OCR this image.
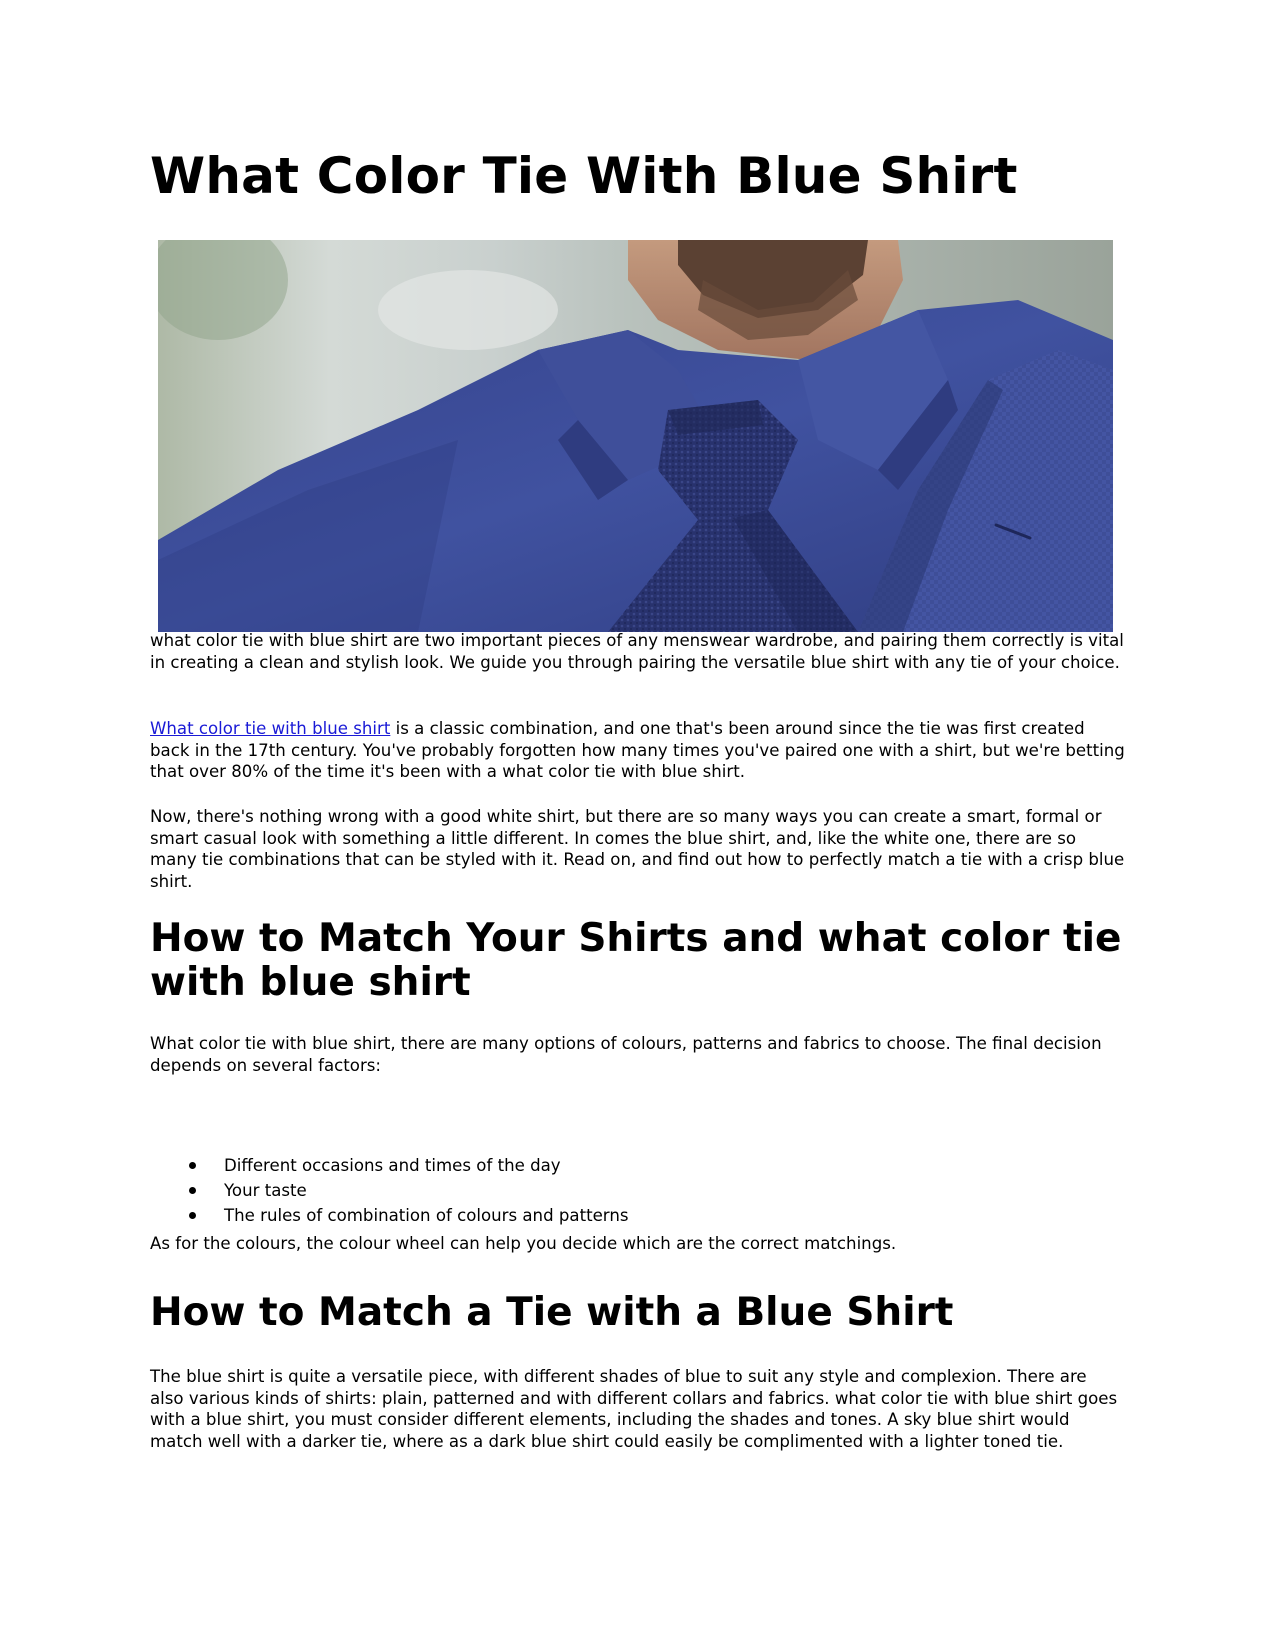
What Color Tie With Blue Shirt

what color tie with blue shirt are two important pieces of any menswear wardrobe, and pairing them correctly is vital in creating a clean and stylish look. We guide you through pairing the versatile blue shirt with any tie of your choice.

What color tie with blue shirt is a classic combination, and one that's been around since the tie was first created back in the 17th century. You've probably forgotten how many times you've paired one with a shirt, but we're betting that over 80% of the time it's been with a what color tie with blue shirt.

Now, there's nothing wrong with a good white shirt, but there are so many ways you can create a smart, formal or smart casual look with something a little different. In comes the blue shirt, and, like the white one, there are so many tie combinations that can be styled with it. Read on, and find out how to perfectly match a tie with a crisp blue shirt.

How to Match Your Shirts and what color tie with blue shirt

What color tie with blue shirt, there are many options of colours, patterns and fabrics to choose. The final decision depends on several factors:

Different occasions and times of the day
Your taste
The rules of combination of colours and patterns

As for the colours, the colour wheel can help you decide which are the correct matchings.

How to Match a Tie with a Blue Shirt

The blue shirt is quite a versatile piece, with different shades of blue to suit any style and complexion. There are also various kinds of shirts: plain, patterned and with different collars and fabrics. what color tie with blue shirt goes with a blue shirt, you must consider different elements, including the shades and tones. A sky blue shirt would match well with a darker tie, where as a dark blue shirt could easily be complimented with a lighter toned tie.
